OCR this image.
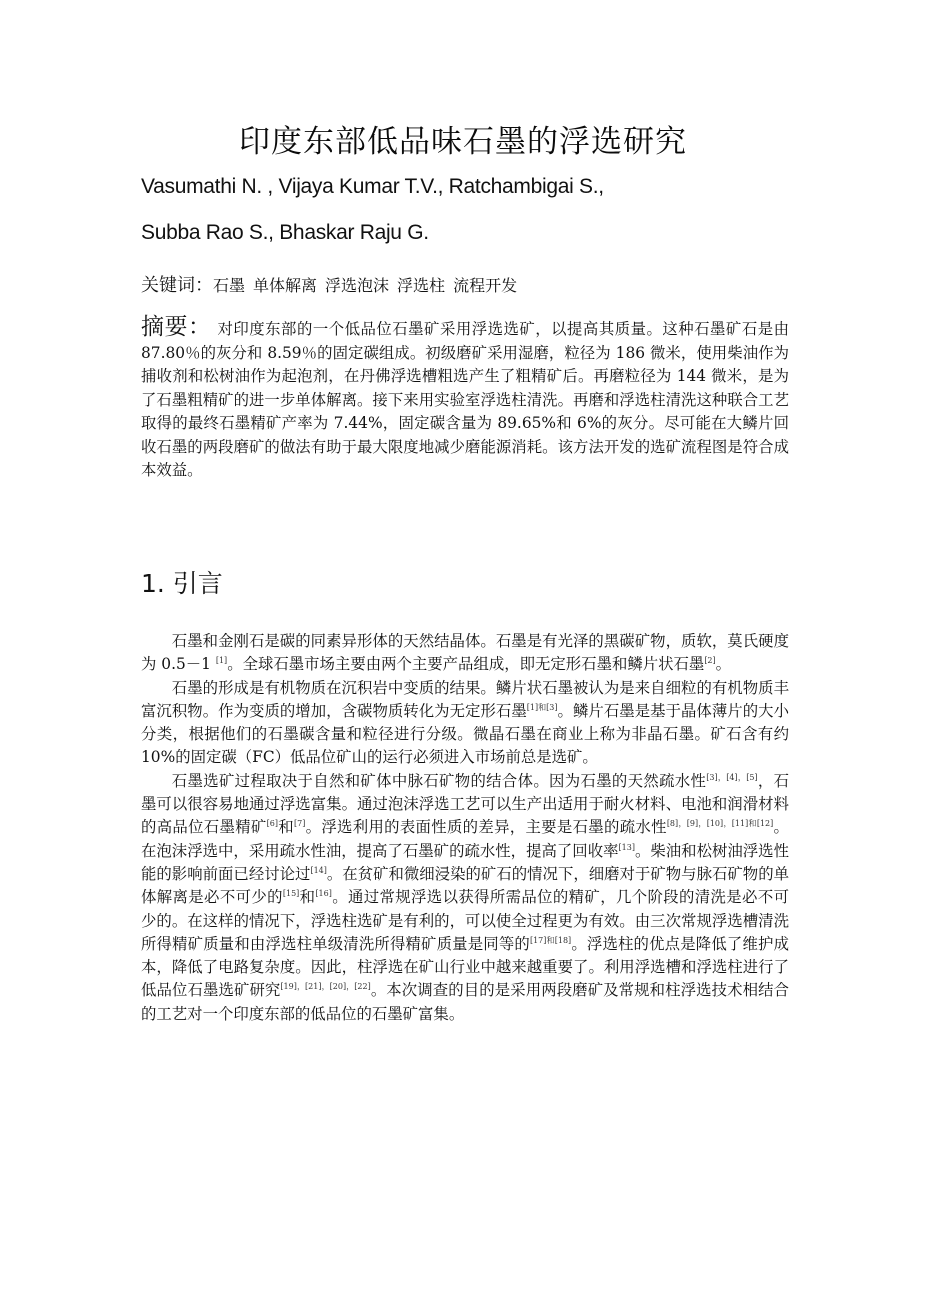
印度东部低品味石墨的浮选研究
Vasumathi N. , Vijaya Kumar T.V., Ratchambigai S.,
Subba Rao S., Bhaskar Raju G.
关键词：石墨 单体解离 浮选泡沫 浮选柱 流程开发
摘要： 对印度东部的一个低品位石墨矿采用浮选选矿，以提高其质量。这种石墨矿石是由 87.80％的灰分和 8.59％的固定碳组成。初级磨矿采用湿磨，粒径为 186 微米，使用柴油作为捕收剂和松树油作为起泡剂，在丹佛浮选槽粗选产生了粗精矿后。再磨粒径为 144 微米，是为了石墨粗精矿的进一步单体解离。接下来用实验室浮选柱清洗。再磨和浮选柱清洗这种联合工艺取得的最终石墨精矿产率为 7.44%，固定碳含量为 89.65%和 6%的灰分。尽可能在大鳞片回收石墨的两段磨矿的做法有助于最大限度地减少磨能源消耗。该方法开发的选矿流程图是符合成本效益。
1. 引言

石墨和金刚石是碳的同素异形体的天然结晶体。石墨是有光泽的黑碳矿物，质软，莫氏硬度为 0.5－1 [1]。全球石墨市场主要由两个主要产品组成，即无定形石墨和鳞片状石墨[2]。

石墨的形成是有机物质在沉积岩中变质的结果。鳞片状石墨被认为是来自细粒的有机物质丰富沉积物。作为变质的增加，含碳物质转化为无定形石墨[1]和[3]。鳞片石墨是基于晶体薄片的大小分类，根据他们的石墨碳含量和粒径进行分级。微晶石墨在商业上称为非晶石墨。矿石含有约 10%的固定碳（FC）低品位矿山的运行必须进入市场前总是选矿。

石墨选矿过程取决于自然和矿体中脉石矿物的结合体。因为石墨的天然疏水性[3]，[4]，[5]，石墨可以很容易地通过浮选富集。通过泡沫浮选工艺可以生产出适用于耐火材料、电池和润滑材料的高品位石墨精矿[6]和[7]。浮选利用的表面性质的差异，主要是石墨的疏水性[8]，[9]，[10]，[11]和[12]。在泡沫浮选中，采用疏水性油，提高了石墨矿的疏水性，提高了回收率[13]。柴油和松树油浮选性能的影响前面已经讨论过[14]。在贫矿和微细浸染的矿石的情况下，细磨对于矿物与脉石矿物的单体解离是必不可少的[15]和[16]。通过常规浮选以获得所需品位的精矿，几个阶段的清洗是必不可少的。在这样的情况下，浮选柱选矿是有利的，可以使全过程更为有效。由三次常规浮选槽清洗所得精矿质量和由浮选柱单级清洗所得精矿质量是同等的[17]和[18]。浮选柱的优点是降低了维护成本，降低了电路复杂度。因此，柱浮选在矿山行业中越来越重要了。利用浮选槽和浮选柱进行了低品位石墨选矿研究[19]，[21]，[20]，[22]。本次调查的目的是采用两段磨矿及常规和柱浮选技术相结合的工艺对一个印度东部的低品位的石墨矿富集。
